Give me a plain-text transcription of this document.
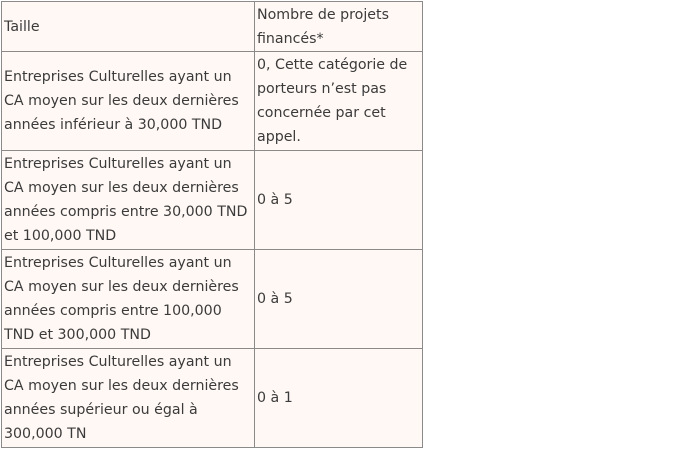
Taille	Nombre de projets financés*
Entreprises Culturelles ayant un CA moyen sur les deux dernières années inférieur à 30,000 TND	0, Cette catégorie de porteurs n’est pas concernée par cet appel.
Entreprises Culturelles ayant un CA moyen sur les deux dernières années compris entre 30,000 TND et 100,000 TND	0 à 5
Entreprises Culturelles ayant un CA moyen sur les deux dernières années compris entre 100,000 TND et 300,000 TND	0 à 5
Entreprises Culturelles ayant un CA moyen sur les deux dernières années supérieur ou égal à 300,000 TN	0 à 1
